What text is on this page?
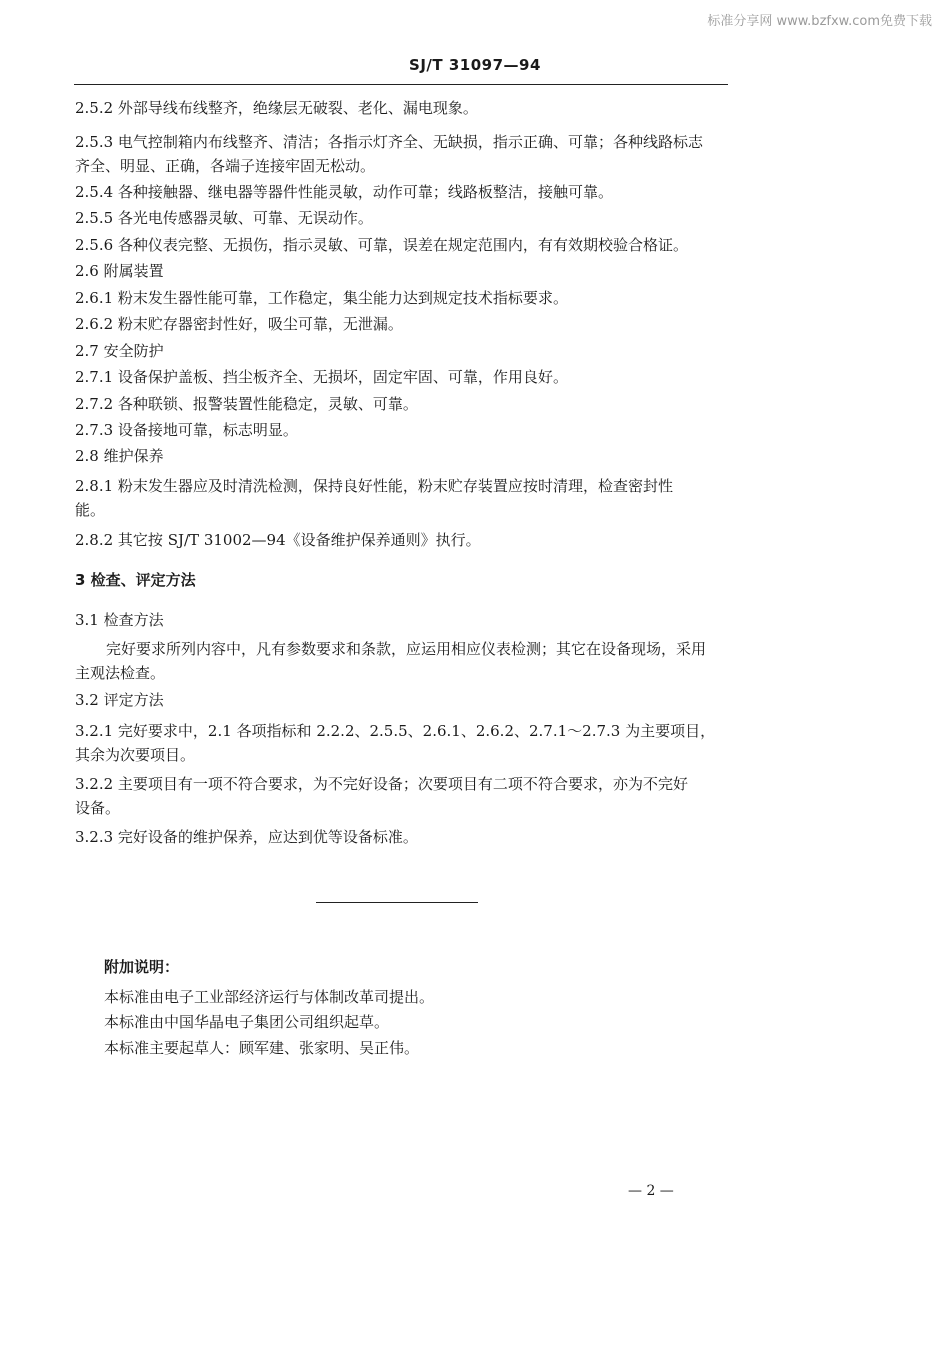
标准分享网 www.bzfxw.com免费下载
SJ/T 31097—94
2.5.2 外部导线布线整齐，绝缘层无破裂、老化、漏电现象。
2.5.3 电气控制箱内布线整齐、清洁；各指示灯齐全、无缺损，指示正确、可靠；各种线路标志
齐全、明显、正确，各端子连接牢固无松动。
2.5.4 各种接触器、继电器等器件性能灵敏，动作可靠；线路板整洁，接触可靠。
2.5.5 各光电传感器灵敏、可靠、无误动作。
2.5.6 各种仪表完整、无损伤，指示灵敏、可靠，误差在规定范围内，有有效期校验合格证。
2.6 附属装置
2.6.1 粉末发生器性能可靠，工作稳定，集尘能力达到规定技术指标要求。
2.6.2 粉末贮存器密封性好，吸尘可靠，无泄漏。
2.7 安全防护
2.7.1 设备保护盖板、挡尘板齐全、无损坏，固定牢固、可靠，作用良好。
2.7.2 各种联锁、报警装置性能稳定，灵敏、可靠。
2.7.3 设备接地可靠，标志明显。
2.8 维护保养
2.8.1 粉末发生器应及时清洗检测，保持良好性能，粉末贮存装置应按时清理，检查密封性
能。
2.8.2 其它按 SJ/T 31002—94《设备维护保养通则》执行。
3 检查、评定方法
3.1 检查方法
完好要求所列内容中，凡有参数要求和条款，应运用相应仪表检测；其它在设备现场，采用
主观法检查。
3.2 评定方法
3.2.1 完好要求中，2.1 各项指标和 2.2.2、2.5.5、2.6.1、2.6.2、2.7.1～2.7.3 为主要项目，
其余为次要项目。
3.2.2 主要项目有一项不符合要求，为不完好设备；次要项目有二项不符合要求，亦为不完好
设备。
3.2.3 完好设备的维护保养，应达到优等设备标准。
附加说明：
本标准由电子工业部经济运行与体制改革司提出。
本标准由中国华晶电子集团公司组织起草。
本标准主要起草人：顾军建、张家明、吴正伟。
— 2 —
